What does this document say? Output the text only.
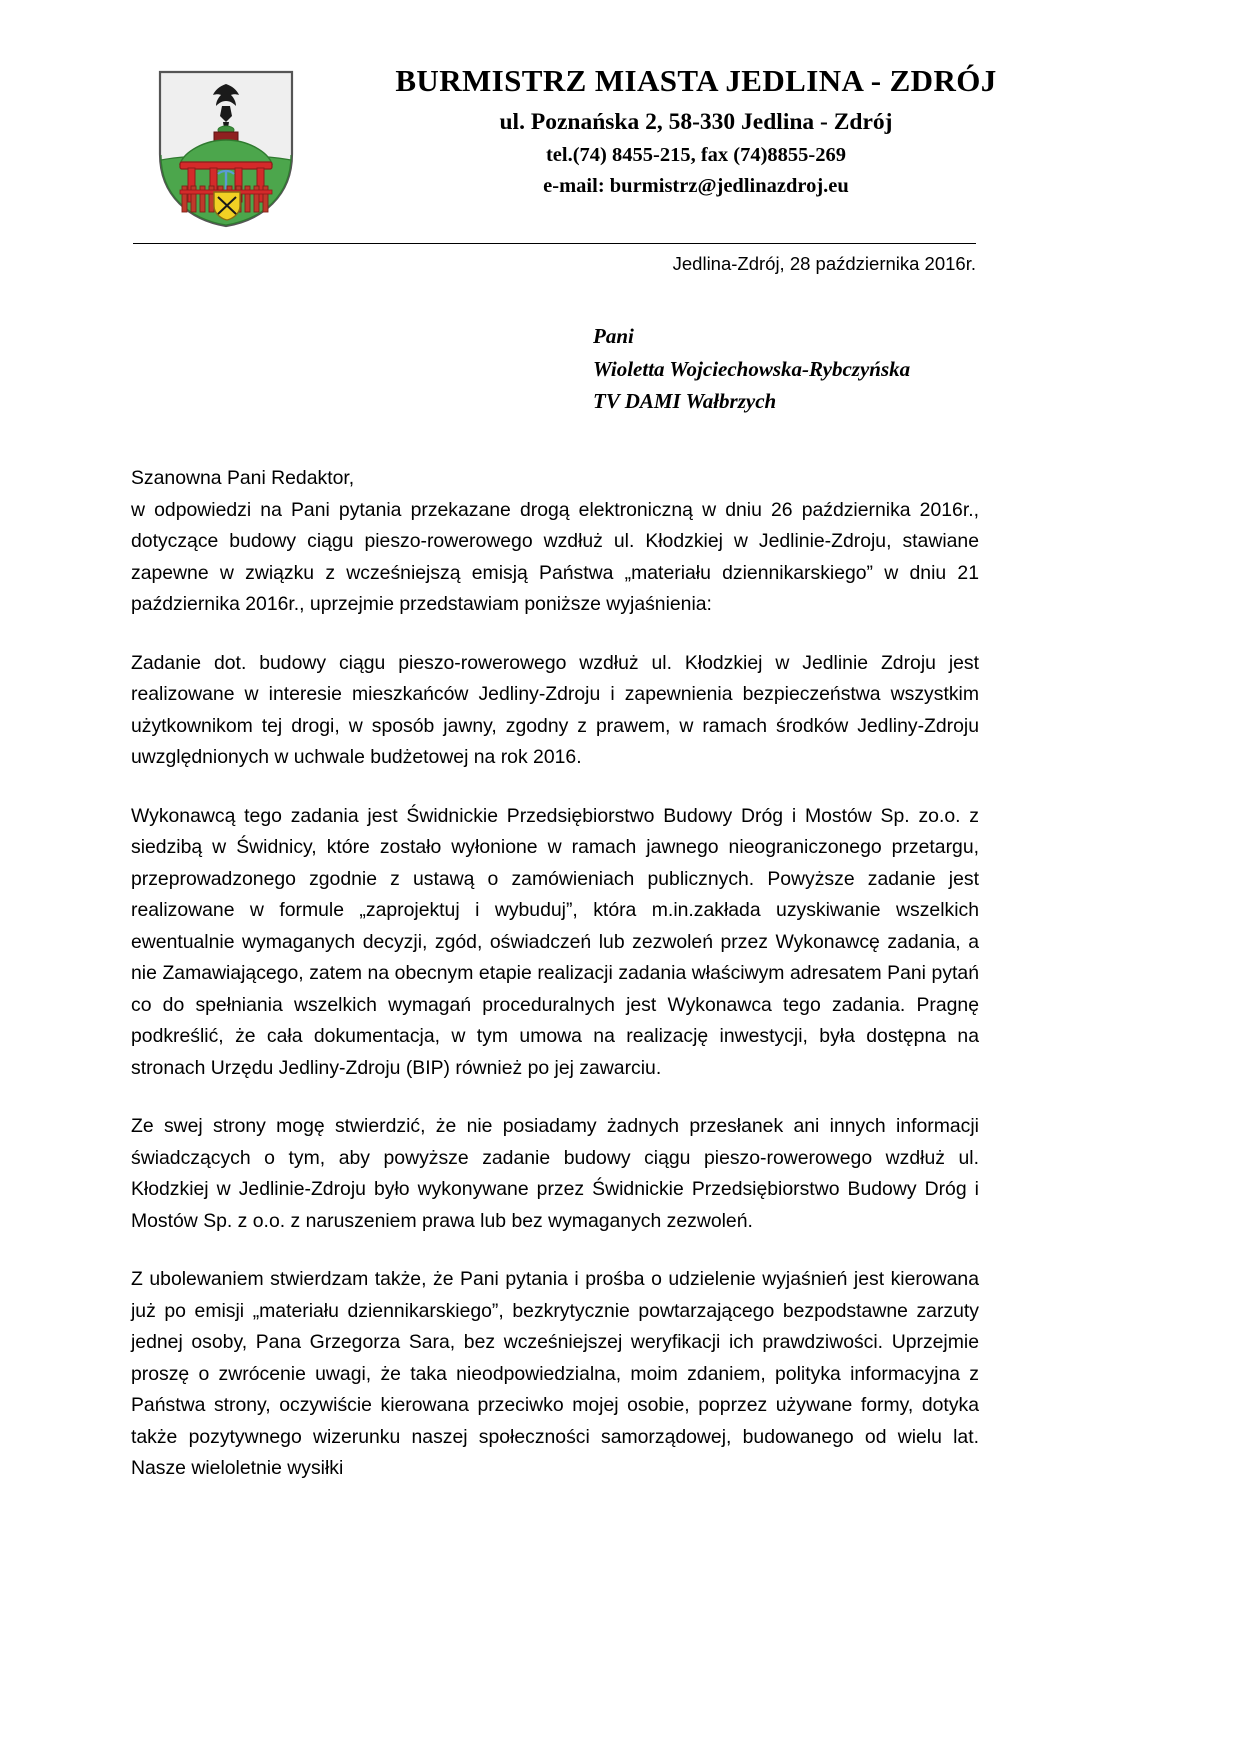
BURMISTRZ MIASTA JEDLINA - ZDRÓJ
ul. Poznańska 2, 58-330 Jedlina - Zdrój
tel.(74) 8455-215, fax (74)8855-269
e-mail: burmistrz@jedlinazdroj.eu
Jedlina-Zdrój, 28 października 2016r.
Pani
Wioletta Wojciechowska-Rybczyńska
TV DAMI Wałbrzych

Szanowna Pani Redaktor,

w odpowiedzi na Pani pytania przekazane drogą elektroniczną w dniu 26 października 2016r., dotyczące budowy ciągu pieszo-rowerowego wzdłuż ul. Kłodzkiej w Jedlinie-Zdroju, stawiane zapewne w związku z wcześniejszą emisją Państwa „materiału dziennikarskiego” w dniu 21 października 2016r., uprzejmie przedstawiam poniższe wyjaśnienia:

Zadanie dot. budowy ciągu pieszo-rowerowego wzdłuż ul. Kłodzkiej w Jedlinie Zdroju jest realizowane w interesie mieszkańców Jedliny-Zdroju i zapewnienia bezpieczeństwa wszystkim użytkownikom tej drogi, w sposób jawny, zgodny z prawem, w ramach środków Jedliny-Zdroju uwzględnionych w uchwale budżetowej na rok 2016.

Wykonawcą tego zadania jest Świdnickie Przedsiębiorstwo Budowy Dróg i Mostów Sp. zo.o. z siedzibą w Świdnicy, które zostało wyłonione w ramach jawnego nieograniczonego przetargu, przeprowadzonego zgodnie z ustawą o zamówieniach publicznych. Powyższe zadanie jest realizowane w formule „zaprojektuj i wybuduj”, która m.in.zakłada uzyskiwanie wszelkich ewentualnie wymaganych decyzji, zgód, oświadczeń lub zezwoleń przez Wykonawcę zadania, a nie Zamawiającego, zatem na obecnym etapie realizacji zadania właściwym adresatem Pani pytań co do spełniania wszelkich wymagań proceduralnych jest Wykonawca tego zadania. Pragnę podkreślić, że cała dokumentacja, w tym umowa na realizację inwestycji, była dostępna na stronach Urzędu Jedliny-Zdroju (BIP) również po jej zawarciu.

Ze swej strony mogę stwierdzić, że nie posiadamy żadnych przesłanek ani innych informacji świadczących o tym, aby powyższe zadanie budowy ciągu pieszo-rowerowego wzdłuż ul. Kłodzkiej w Jedlinie-Zdroju było wykonywane przez Świdnickie Przedsiębiorstwo Budowy Dróg i Mostów Sp. z o.o. z naruszeniem prawa lub bez wymaganych zezwoleń.

Z ubolewaniem stwierdzam także, że Pani pytania i prośba o udzielenie wyjaśnień jest kierowana już po emisji „materiału dziennikarskiego”, bezkrytycznie powtarzającego bezpodstawne zarzuty jednej osoby, Pana Grzegorza Sara, bez wcześniejszej weryfikacji ich prawdziwości. Uprzejmie proszę o zwrócenie uwagi, że taka nieodpowiedzialna, moim zdaniem, polityka informacyjna z Państwa strony, oczywiście kierowana przeciwko mojej osobie, poprzez używane formy, dotyka także pozytywnego wizerunku naszej społeczności samorządowej, budowanego od wielu lat. Nasze wieloletnie wysiłki
